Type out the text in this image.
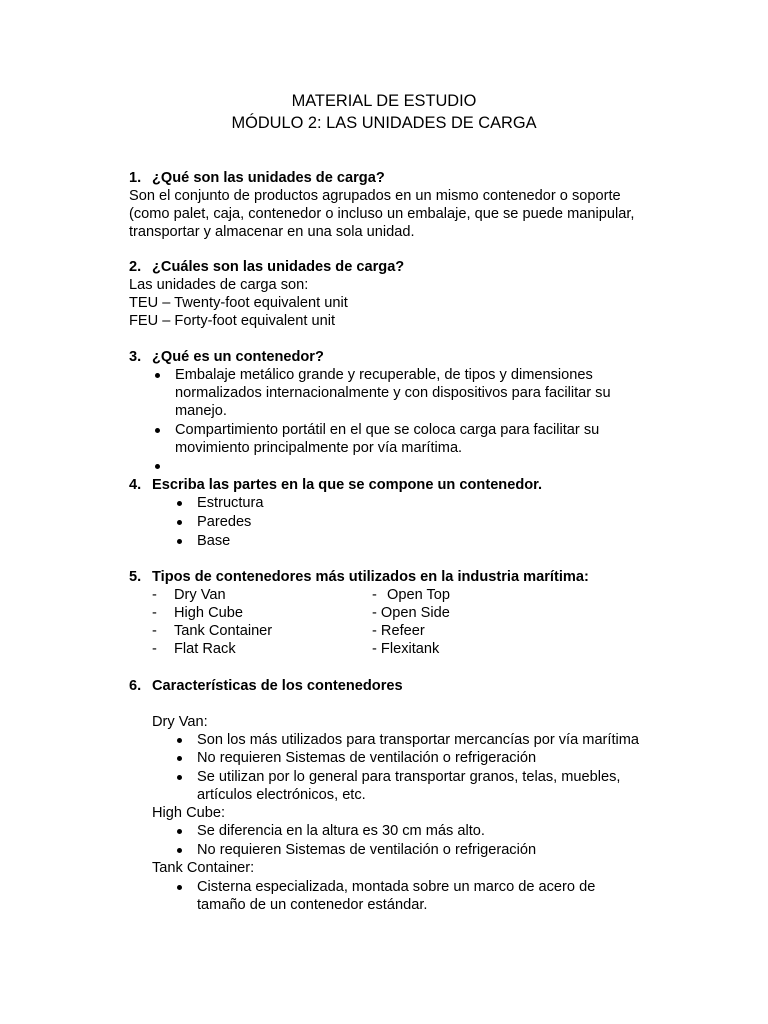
MATERIAL DE ESTUDIO
MÓDULO 2: LAS UNIDADES DE CARGA
1. ¿Qué son las unidades de carga?
Son el conjunto de productos agrupados en un mismo contenedor o soporte
(como palet, caja, contenedor o incluso un embalaje, que se puede manipular,
transportar y almacenar en una sola unidad.
2. ¿Cuáles son las unidades de carga?
Las unidades de carga son:
TEU – Twenty-foot equivalent unit
FEU – Forty-foot equivalent unit
3. ¿Qué es un contenedor?
Embalaje metálico grande y recuperable, de tipos y dimensiones
normalizados internacionalmente y con dispositivos para facilitar su
manejo.
Compartimiento portátil en el que se coloca carga para facilitar su
movimiento principalmente por vía marítima.
4. Escriba las partes en la que se compone un contenedor.
Estructura
Paredes
Base
5. Tipos de contenedores más utilizados en la industria marítima:
- Dry Van
- High Cube
- Tank Container
- Flat Rack
- Open Top
- Open Side
- Refeer
- Flexitank
6. Características de los contenedores
Dry Van:
Son los más utilizados para transportar mercancías por vía marítima
No requieren Sistemas de ventilación o refrigeración
Se utilizan por lo general para transportar granos, telas, muebles,
artículos electrónicos, etc.
High Cube:
Se diferencia en la altura es 30 cm más alto.
No requieren Sistemas de ventilación o refrigeración
Tank Container:
Cisterna especializada, montada sobre un marco de acero de
tamaño de un contenedor estándar.
